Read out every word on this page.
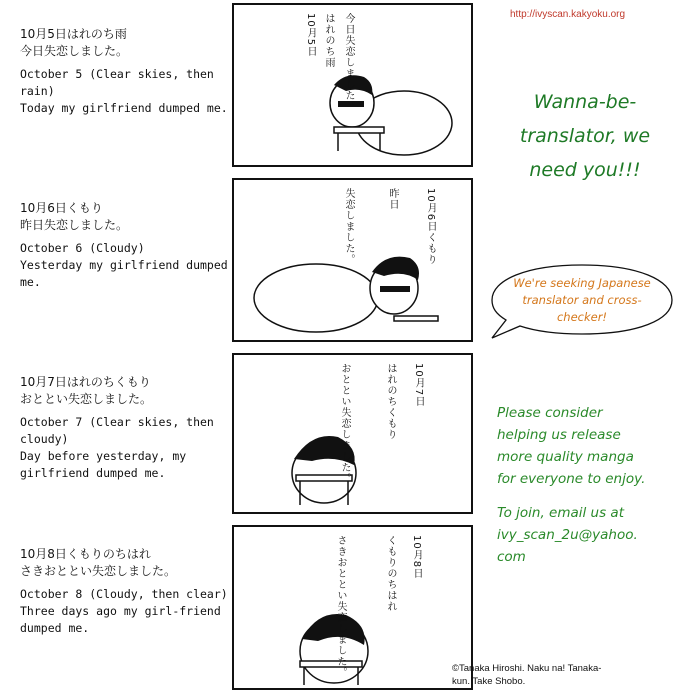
http://ivyscan.kakyoku.org
10月5日はれのち雨
今日失恋しました。
October 5 (Clear skies, then rain)
Today my girlfriend dumped me.
10月6日くもり
昨日失恋しました。
October 6 (Cloudy)
Yesterday my girlfriend dumped me.
10月7日はれのちくもり
おととい失恋しました。
October 7 (Clear skies, then cloudy)
Day before yesterday, my girlfriend dumped me.
10月8日くもりのちはれ
さきおととい失恋しました。
October 8 (Cloudy, then clear)
Three days ago my girl-friend dumped me.
今日失恋しました。
はれのち雨
10月5日
失恋しました。	昨日	10月6日くもり
おととい失恋しました。	はれのちくもり 10月7日
さきおととい失恋しました。	くもりのちはれ 10月8日
Wanna-be-
translator, we
need you!!!
We're seeking Japanese
translator and cross-
checker!
Please consider
helping us release
more quality manga
for everyone to enjoy.
To join, email us at
ivy_scan_2u@yahoo.
com
©Tanaka Hiroshi. Naku na! Tanaka-
kun. Take Shobo.
